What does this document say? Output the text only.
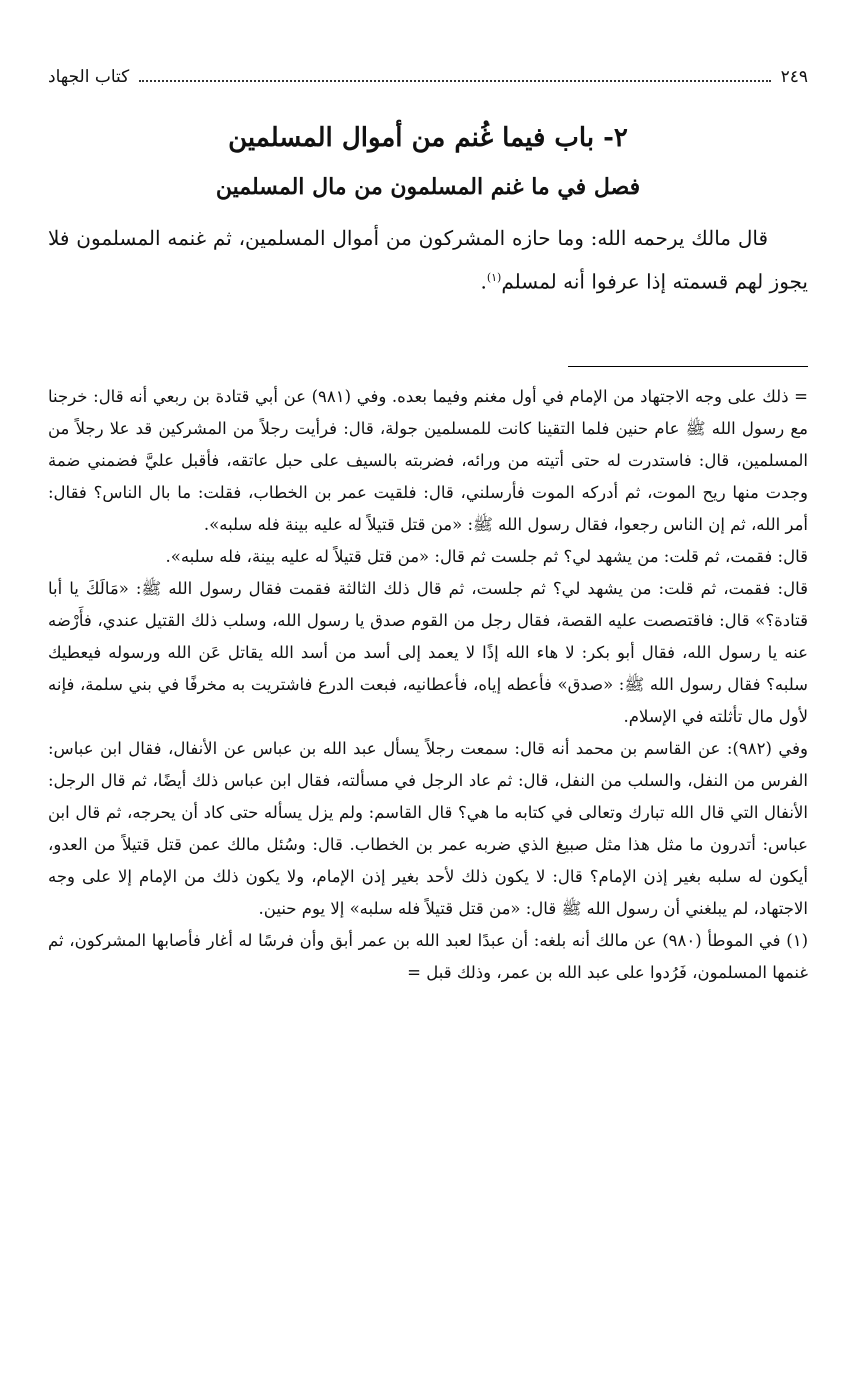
٢٤٩
كتاب الجهاد
٢- باب فيما غُنم من أموال المسلمين
فصل في ما غنم المسلمون من مال المسلمين

قال مالك يرحمه الله: وما حازه المشركون من أموال المسلمين، ثم غنمه المسلمون فلا يجوز لهم قسمته إذا عرفوا أنه لمسلم$^{(١)}$.

= ذلك على وجه الاجتهاد من الإمام في أول مغنم وفيما بعده. وفي (٩٨١) عن أبي قتادة بن ربعي أنه قال: خرجنا مع رسول الله ﷺ عام حنين فلما التقينا كانت للمسلمين جولة، قال: فرأيت رجلاً من المشركين قد علا رجلاً من المسلمين، قال: فاستدرت له حتى أتيته من ورائه، فضربته بالسيف على حبل عاتقه، فأقبل عليَّ فضمني ضمة وجدت منها ريح الموت، ثم أدركه الموت فأرسلني، قال: فلقيت عمر بن الخطاب، فقلت: ما بال الناس؟ فقال: أمر الله، ثم إن الناس رجعوا، فقال رسول الله ﷺ: «من قتل قتيلاً له عليه بينة فله سلبه».

قال: فقمت، ثم قلت: من يشهد لي؟ ثم جلست ثم قال: «من قتل قتيلاً له عليه بينة، فله سلبه».

قال: فقمت، ثم قلت: من يشهد لي؟ ثم جلست، ثم قال ذلك الثالثة فقمت فقال رسول الله ﷺ: «مَالَكَ يا أبا قتادة؟» قال: فاقتصصت عليه القصة، فقال رجل من القوم صدق يا رسول الله، وسلب ذلك القتيل عندي، فأَرْضه عنه يا رسول الله، فقال أبو بكر: لا هاء الله إذًا لا يعمد إلى أسد من أسد الله يقاتل عَن الله ورسوله فيعطيك سلبه؟ فقال رسول الله ﷺ: «صدق» فأعطه إياه، فأعطانيه، فبعت الدرع فاشتريت به مخرفًا في بني سلمة، فإنه لأول مال تأثلته في الإسلام.

وفي (٩٨٢): عن القاسم بن محمد أنه قال: سمعت رجلاً يسأل عبد الله بن عباس عن الأنفال، فقال ابن عباس: الفرس من النفل، والسلب من النفل، قال: ثم عاد الرجل في مسألته، فقال ابن عباس ذلك أيضًا، ثم قال الرجل: الأنفال التي قال الله تبارك وتعالى في كتابه ما هي؟ قال القاسم: ولم يزل يسأله حتى كاد أن يحرجه، ثم قال ابن عباس: أتدرون ما مثل هذا مثل صبيغ الذي ضربه عمر بن الخطاب. قال: وسُئل مالك عمن قتل قتيلاً من العدو، أيكون له سلبه بغير إذن الإمام؟ قال: لا يكون ذلك لأحد بغير إذن الإمام، ولا يكون ذلك من الإمام إلا على وجه الاجتهاد، لم يبلغني أن رسول الله ﷺ قال: «من قتل قتيلاً فله سلبه» إلا يوم حنين.

(١) في الموطأ (٩٨٠) عن مالك أنه بلغه: أن عبدًا لعبد الله بن عمر أبق وأن فرسًا له أغار فأصابها المشركون، ثم غنمها المسلمون، فَرُدوا على عبد الله بن عمر، وذلك قبل =
